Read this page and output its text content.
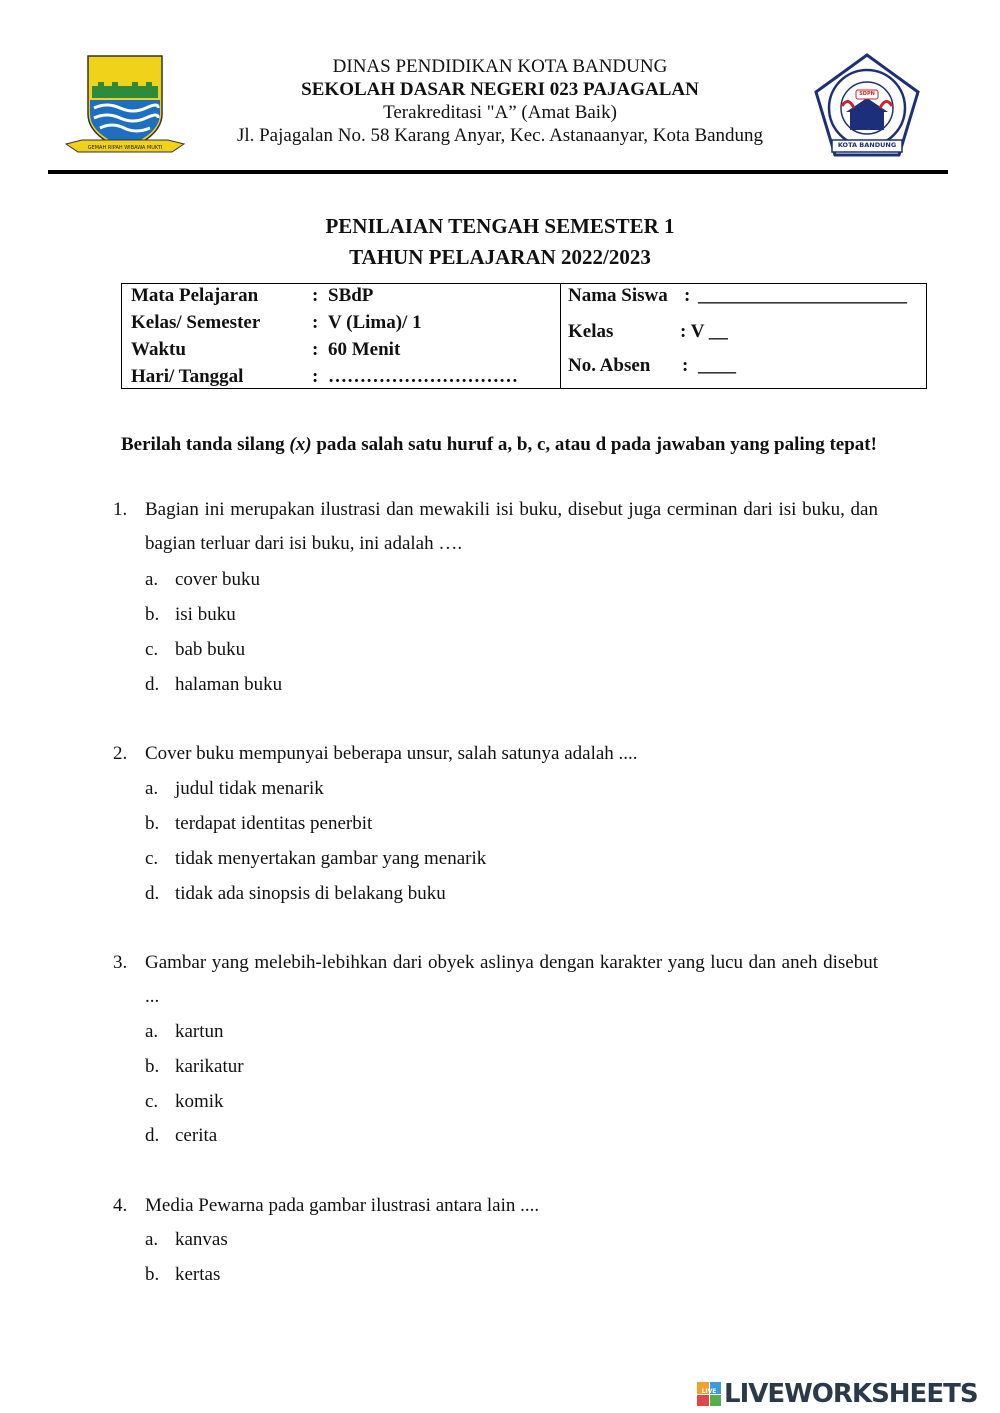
GEMAH RIPAH WIBAWA MUKTI
DINAS PENDIDIKAN KOTA BANDUNG
SEKOLAH DASAR NEGERI 023 PAJAGALAN
Terakreditasi "A” (Amat Baik)
Jl. Pajagalan No. 58 Karang Anyar, Kec. Astanaanyar, Kota Bandung
SDPN
KOTA BANDUNG
PENILAIAN TENGAH SEMESTER 1
TAHUN PELAJARAN 2022/2023
Mata Pelajaran	: SBdP
Kelas/ Semester	: V (Lima)/ 1
Waktu	: 60 Menit
Hari/ Tanggal	: …………………………
Nama Siswa : ______________________
Kelas	: V __
No. Absen : ____
Berilah tanda silang (x) pada salah satu huruf a, b, c, atau d pada jawaban yang paling tepat!
1. Bagian ini merupakan ilustrasi dan mewakili isi buku, disebut juga cerminan dari isi buku, dan bagian terluar dari isi buku, ini adalah ….
a. cover buku
b. isi buku
c. bab buku
d. halaman buku
2. Cover buku mempunyai beberapa unsur, salah satunya adalah ....
a. judul tidak menarik
b. terdapat identitas penerbit
c. tidak menyertakan gambar yang menarik
d. tidak ada sinopsis di belakang buku
3. Gambar yang melebih-lebihkan dari obyek aslinya dengan karakter yang lucu dan aneh disebut ...
a. kartun
b. karikatur
c. komik
d. cerita
4. Media Pewarna pada gambar ilustrasi antara lain ....
a. kanvas
b. kertas
LIVE LIVEWORKSHEETS
